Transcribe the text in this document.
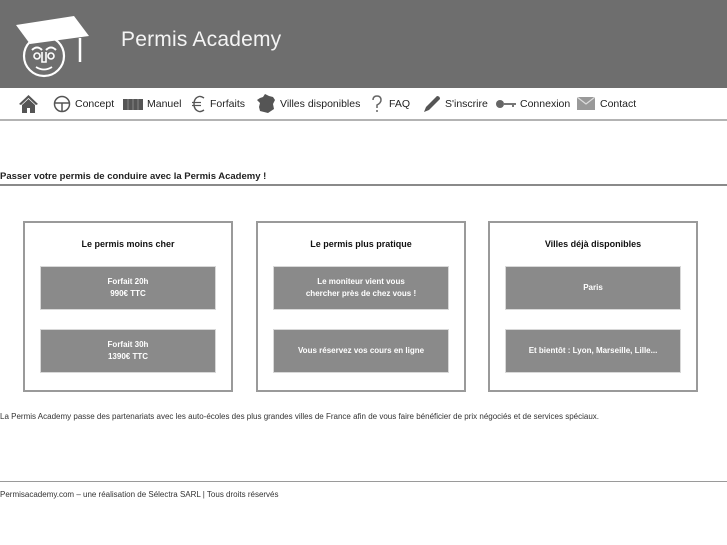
Permis Academy
Concept	Manuel	Forfaits	Villes disponibles	FAQ	S'inscrire	Connexion	Contact
Passer votre permis de conduire avec la Permis Academy !
Le permis moins cher
Forfait 20h
990€ TTC
Forfait 30h
1390€ TTC
Le permis plus pratique
Le moniteur vient vous
chercher près de chez vous !
Vous réservez vos cours en ligne
Villes déjà disponibles
Paris
Et bientôt : Lyon, Marseille, Lille...
La Permis Academy passe des partenariats avec les auto-écoles des plus grandes villes de France afin de vous faire bénéficier de prix négociés et de services spéciaux.
Permisacademy.com – une réalisation de Sélectra SARL | Tous droits réservés
